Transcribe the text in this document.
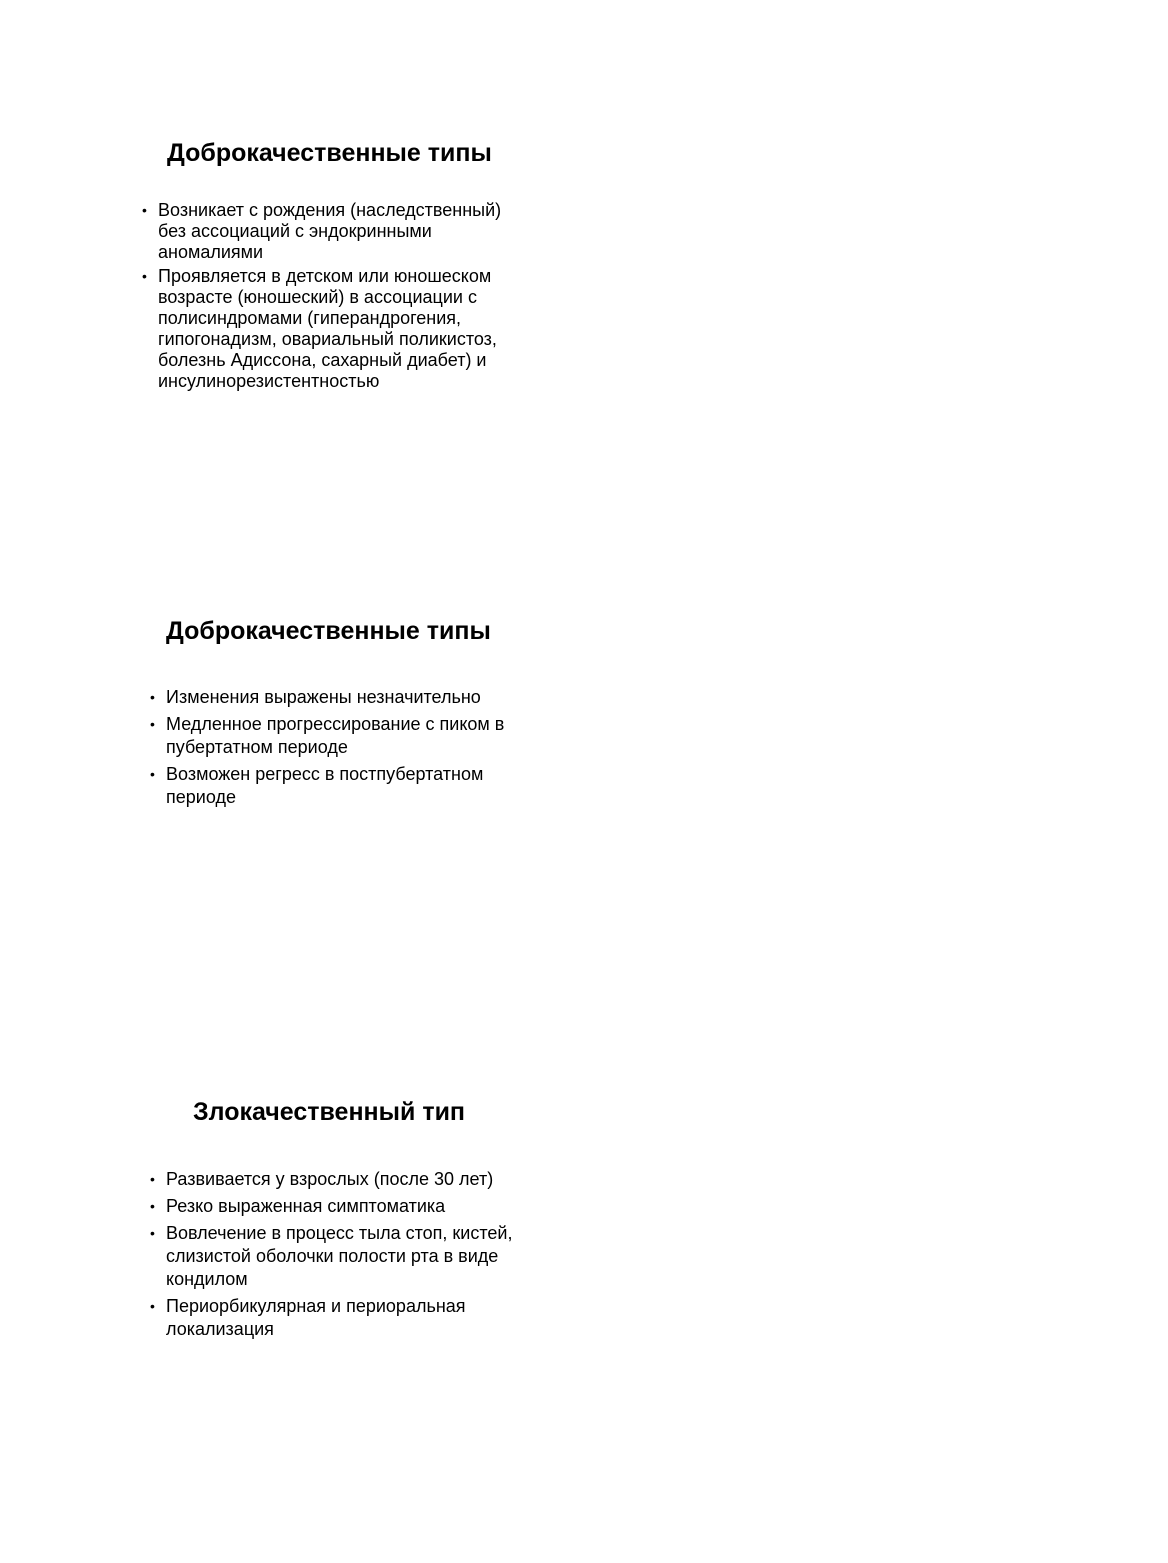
Доброкачественные типы
• Возникает с рождения (наследственный) без ассоциаций с эндокринными аномалиями
• Проявляется в детском или юношеском возрасте (юношеский) в ассоциации с полисиндромами (гиперандрогения, гипогонадизм, овариальный поликистоз, болезнь Адиссона, сахарный диабет) и инсулинорезистентностью
Доброкачественные типы
• Изменения выражены незначительно
• Медленное прогрессирование с пиком в пубертатном периоде
• Возможен регресс в постпубертатном периоде
Злокачественный тип
• Развивается у взрослых (после 30 лет)
• Резко выраженная симптоматика
• Вовлечение в процесс тыла стоп, кистей, слизистой оболочки полости рта в виде кондилом
• Периорбикулярная и периоральная локализация
